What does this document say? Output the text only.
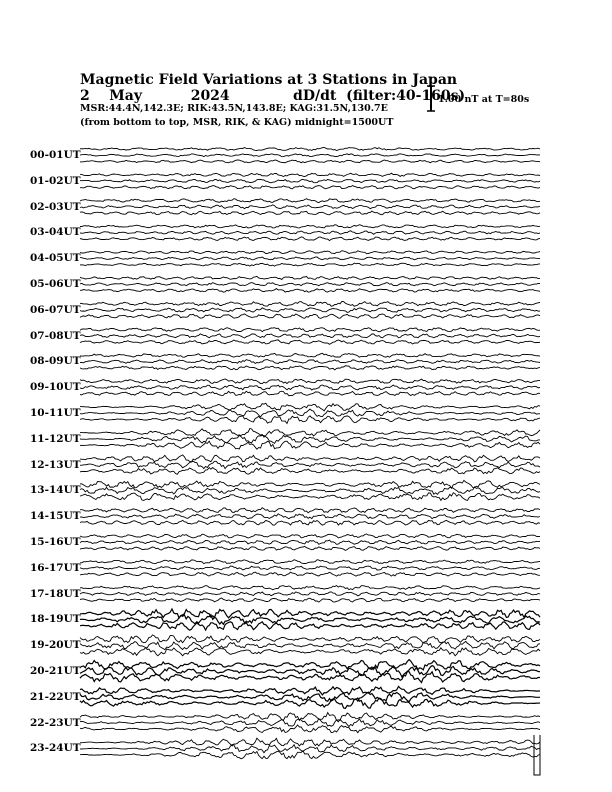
Magnetic Field Variations at 3 Stations in Japan
2 May	2024	dD/dt (filter:40-160s)
MSR:44.4N,142.3E; RIK:43.5N,143.8E; KAG:31.5N,130.7E
(from bottom to top, MSR, RIK, & KAG) midnight=1500UT
1.00 nT at T=80s
00-01UT
01-02UT
02-03UT
03-04UT
04-05UT
05-06UT
06-07UT
07-08UT
08-09UT
09-10UT
10-11UT
11-12UT
12-13UT
13-14UT
14-15UT
15-16UT
16-17UT
17-18UT
18-19UT
19-20UT
20-21UT
21-22UT
22-23UT
23-24UT
